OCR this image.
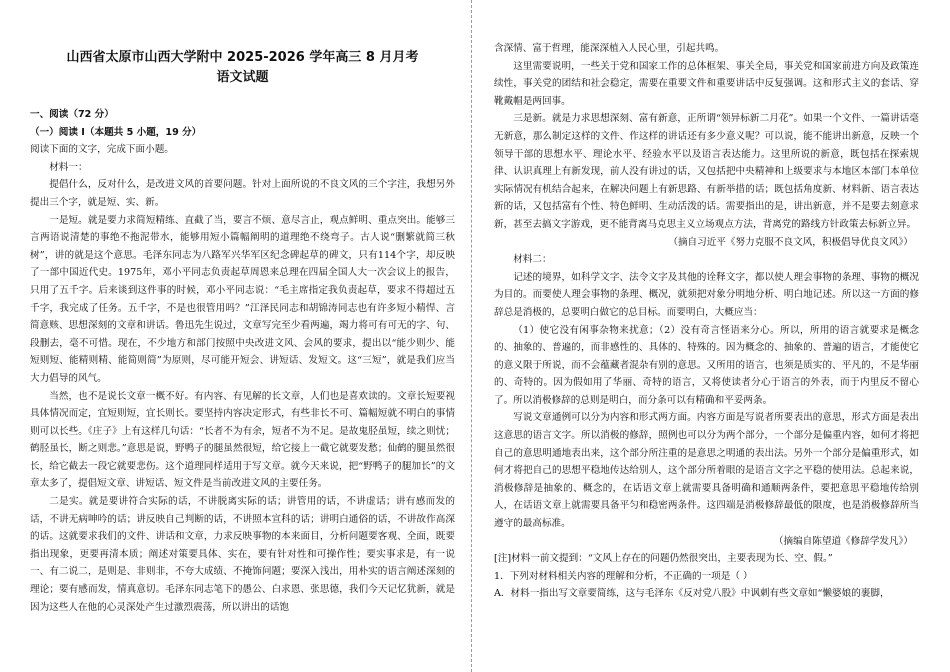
山西省太原市山西大学附中 2025-2026 学年高三 8 月月考
语文试题
一、阅读（72 分）
（一）阅读 I（本题共 5 小题，19 分）
阅读下面的文字，完成下面小题。
材料一：
提倡什么，反对什么，是改进文风的首要问题。针对上面所说的不良文风的三个字注，我想另外提出三个字，就是短、实、新。
一是短。就是要力求简短精练、直截了当，要言不烦、意尽言止，观点鲜明、重点突出。能够三言两语说清楚的事绝不拖泥带水，能够用短小篇幅阐明的道理绝不绕弯子。古人说“删繁就简三秋树”，讲的就是这个意思。毛泽东同志为八路军兴华军区纪念碑起草的碑文，只有114个字，却反映了一部中国近代史。1975年，邓小平同志负责起草周恩来总理在四届全国人大一次会议上的报告，只用了五千字。后来谈到这件事的时候，邓小平同志说：“毛主席指定我负责起草，要求不得超过五千字，我完成了任务。五千字，不是也很管用吗？”江泽民同志和胡锦涛同志也有许多短小精悍、言简意赅、思想深刻的文章和讲话。鲁迅先生说过，文章写完至少看两遍，竭力将可有可无的字、句、段删去，毫不可惜。现在，不少地方和部门按照中央改进文风、会风的要求，提出以“能少则少、能短则短、能精则精、能简则简”为原则，尽可能开短会、讲短话、发短文。这“三短”，就是我们应当大力倡导的风气。
当然，也不是说长文章一概不好。有内容、有见解的长文章，人们也是喜欢读的。文章长短要视具体情况而定，宜短则短，宜长则长。要坚持内容决定形式，有些非长不可、篇幅短就不明白的事情则可以长些。《庄子》上有这样几句话：“长者不为有余，短者不为不足。是故鬼胫虽短，续之则忧；鹤胫虽长，断之则悲。”意思是说，野鸭子的腿虽然很短，给它接上一截它就要发愁；仙鹤的腿虽然很长，给它截去一段它就要悲伤。这个道理同样适用于写文章。就今天来说，把“野鸭子的腿加长”的文章太多了，提倡短文章、讲短话、短文件是当前改进文风的主要任务。
二是实。就是要讲符合实际的话，不讲脱离实际的话；讲管用的话，不讲虚话；讲有感而发的话，不讲无病呻吟的话；讲反映自己判断的话，不讲照本宣科的话；讲明白通俗的话，不讲故作高深的话。这就要求我们的文件、讲话和文章，力求反映事物的本来面目，分析问题要客观、全面，既要指出现象，更要再清本质；阐述对策要具体、实在，要有针对性和可操作性；要实事求是，有一说一、有二说二，是则是、非则非，不夸大成绩、不掩饰问题；要深入浅出，用朴实的语言阐述深刻的理论；要有感而发，情真意切。毛泽东同志笔下的愚公、白求恩、张思德，我们今天记忆犹新，就是因为这些人在他的心灵深处产生过激烈震荡，所以讲出的话饱
含深情、富于哲理，能深深植入人民心里，引起共鸣。
这里需要说明，一些关于党和国家工作的总体框架、事关全局，事关党和国家前进方向及政策连续性，事关党的团结和社会稳定，需要在重要文件和重要讲话中反复强调。这和形式主义的套话、穿靴戴帽是两回事。
三是新。就是力求思想深刻、富有新意，正所谓“领异标新二月花”。如果一个文件、一篇讲话毫无新意，那么制定这样的文件、作这样的讲话还有多少意义呢？可以说，能不能讲出新意，反映一个领导干部的思想水平、理论水平、经验水平以及语言表达能力。这里所说的新意，既包括在探索规律、认识真理上有新发现，前人没有讲过的话，又包括把中央精神和上级要求与本地区本部门本单位实际情况有机结合起来，在解决问题上有新思路、有新举措的话；既包括角度新、材料新、语言表达新的话，又包括富有个性、特色鲜明、生动活泼的话。需要指出的是，讲出新意，并不是要去刻意求新，甚至去搞文字游戏，更不能背离马克思主义立场观点方法，背离党的路线方针政策去标新立异。
（摘自习近平《努力克服不良文风，积极倡导优良文风》）
材料二：
记述的境界，如科学文字、法令文字及其他的诠释文字，都以使人理会事物的条理、事物的概况为目的。而要使人理会事物的条理、概况，就须把对象分明地分析、明白地记述。所以这一方面的修辞总是消极的，总要明白做它的总目标。而要明白，大概应当：
（1）使它没有闲事杂物来扰意；（2）没有奇言怪语来分心。所以，所用的语言就要求是概念的、抽象的、普遍的，而非感性的、具体的、特殊的。因为概念的、抽象的、普遍的语言，才能使它的意义限于所说，而不会蕴藏者混杂有别的意思。又所用的语言，也须是质实的、平凡的，不是华丽的、奇特的。因为假如用了华丽、奇特的语言，又将使读者分心于语言的外表，而于内里反不留心了。所以消极修辞的总则是明白，而分条可以有精确和平妥两条。
写说文章通例可以分为内容和形式两方面。内容方面是写说者所要表出的意思，形式方面是表出这意思的语言文字。所以消极的修辞，照例也可以分为两个部分，一个部分是偏重内容，如何才将把自己的意思明通地表出来，这个部分所注重的是意思之明通的表出法。另外一个部分是偏重形式，如何才将把自己的思想平稳地传达给别人，这个部分所着眼的是语言文字之平稳的使用法。总起来说，消极修辞是抽象的、概念的，在话语文章上就需要具备明确和通顺两条件，要把意思平稳地传给别人，在话语文章上就需要具备平匀和稳密两条件。这四端是消极修辞最低的限度，也是消极修辞所当遵守的最高标准。
（摘编自陈望道《修辞学发凡》）
[注]材料一前文提到：“文风上存在的问题仍然很突出，主要表现为长、空、假。”
1．下列对材料相关内容的理解和分析，不正确的一项是（ ）
A．材料一指出写文章要简练，这与毛泽东《反对党八股》中讽刺有些文章如“懒婆娘的裹脚，
